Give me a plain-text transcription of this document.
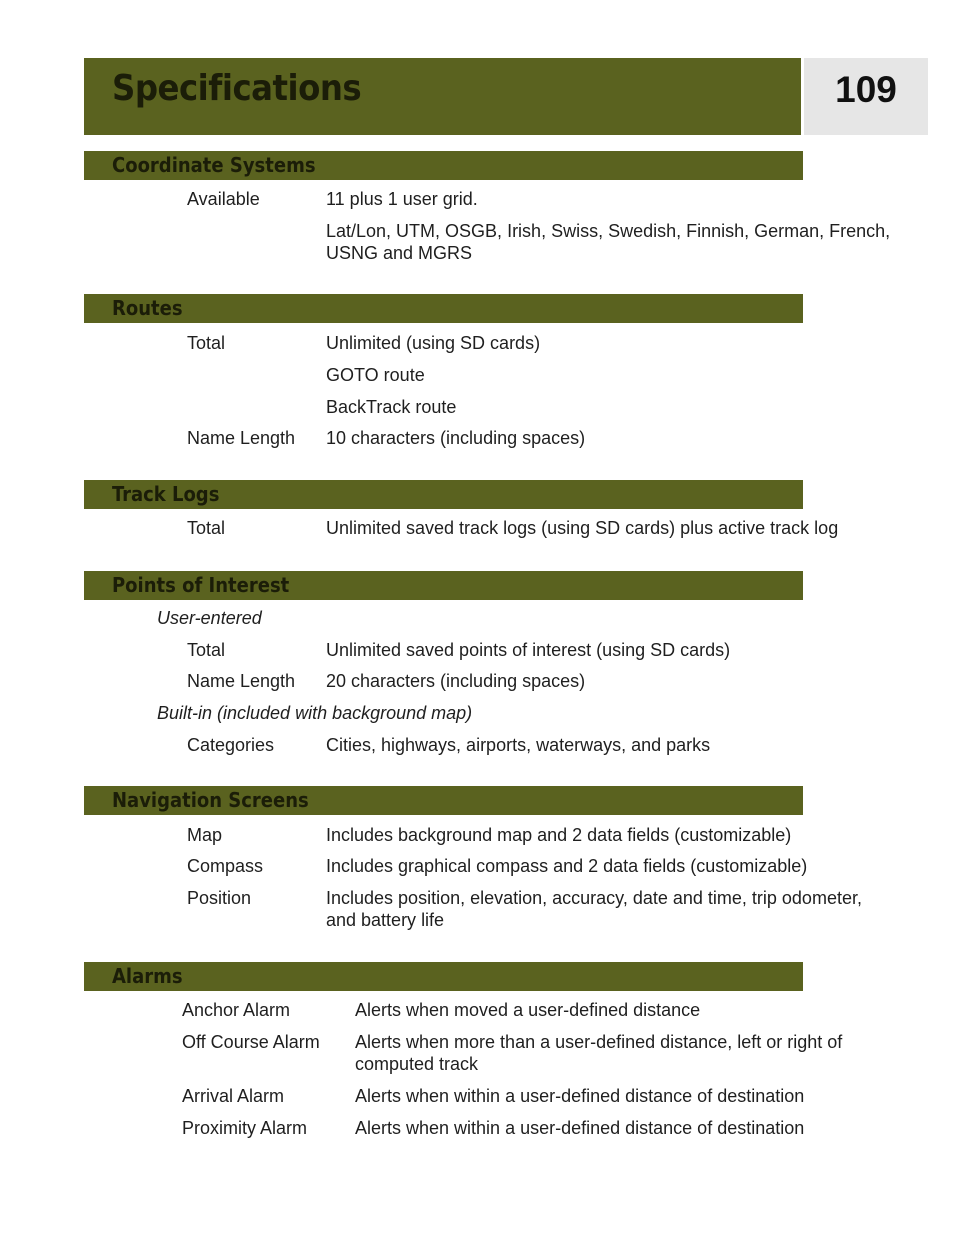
Specifications	109
Coordinate Systems
Available	11 plus 1 user grid.
Lat/Lon, UTM, OSGB, Irish, Swiss, Swedish, Finnish, German, French, USNG and MGRS
Routes
Total	Unlimited (using SD cards)
GOTO route
BackTrack route
Name Length 10 characters (including spaces)
Track Logs
Total	Unlimited saved track logs (using SD cards) plus active track log
Points of Interest
User-entered
Total	Unlimited saved points of interest (using SD cards)
Name Length 20 characters (including spaces)
Built-in (included with background map)
Categories	Cities, highways, airports, waterways, and parks
Navigation Screens
Map	Includes background map and 2 data fields (customizable)
Compass	Includes graphical compass and 2 data fields (customizable)
Position	Includes position, elevation, accuracy, date and time, trip odometer, and battery life
Alarms
Anchor Alarm	Alerts when moved a user-defined distance
Off Course Alarm Alerts when more than a user-defined distance, left or right of computed track
Arrival Alarm	Alerts when within a user-defined distance of destination
Proximity Alarm	Alerts when within a user-defined distance of destination
